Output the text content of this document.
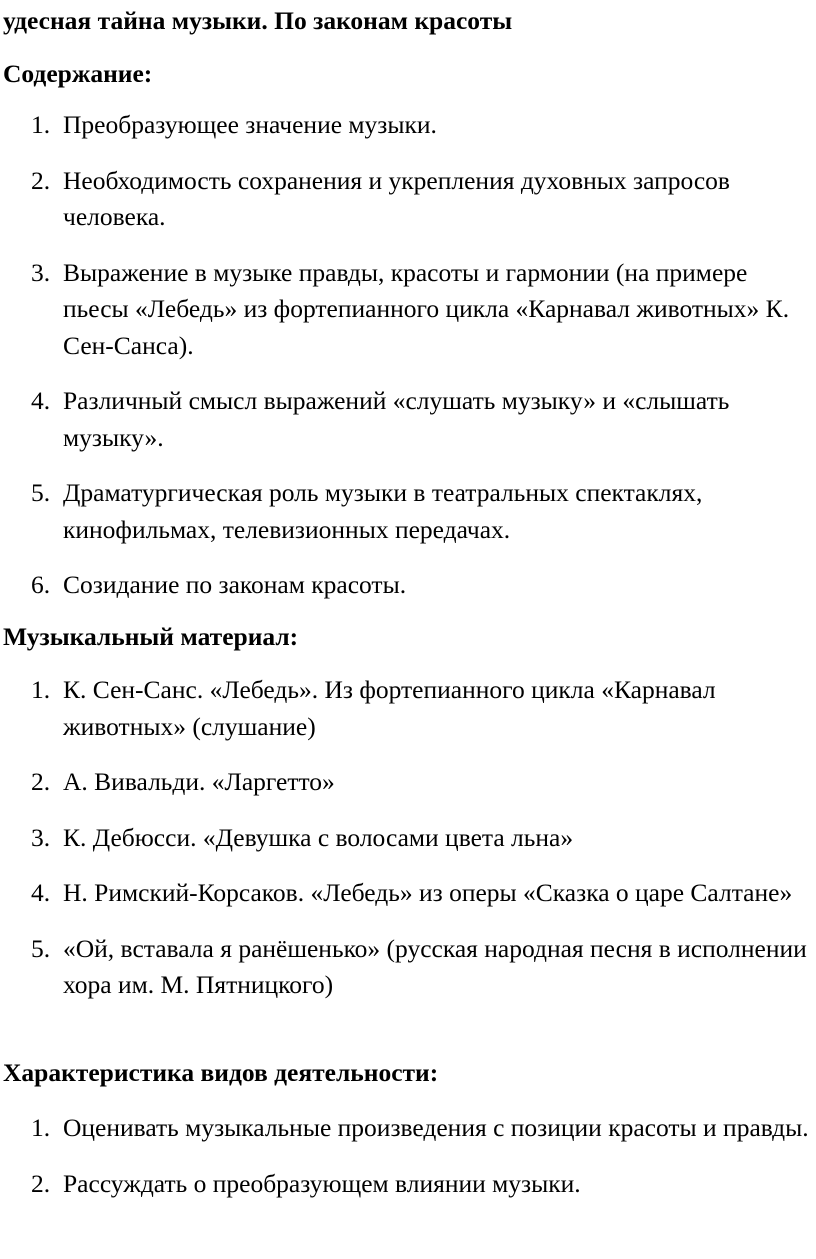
удесная тайна музыки. По законам красоты
Содержание:
1. Преобразующее значение музыки.
2. Необходимость сохранения и укрепления духовных запросов человека.
3. Выражение в музыке правды, красоты и гармонии (на примере пьесы «Лебедь» из фортепианного цикла «Карнавал животных» К. Сен-Санса).
4. Различный смысл выражений «слушать музыку» и «слышать музыку».
5. Драматургическая роль музыки в театральных спектаклях, кинофильмах, телевизионных передачах.
6. Созидание по законам красоты.
Музыкальный материал:
1. К. Сен-Санс. «Лебедь». Из фортепианного цикла «Карнавал животных» (слушание)
2. А. Вивальди. «Ларгетто»
3. К. Дебюсси. «Девушка с волосами цвета льна»
4. Н. Римский-Корсаков. «Лебедь» из оперы «Сказка о царе Салтане»
5. «Ой, вставала я ранёшенько» (русская народная песня в исполнении хора им. М. Пятницкого)
Характеристика видов деятельности:
1. Оценивать музыкальные произведения с позиции красоты и правды.
2. Рассуждать о преобразующем влиянии музыки.
